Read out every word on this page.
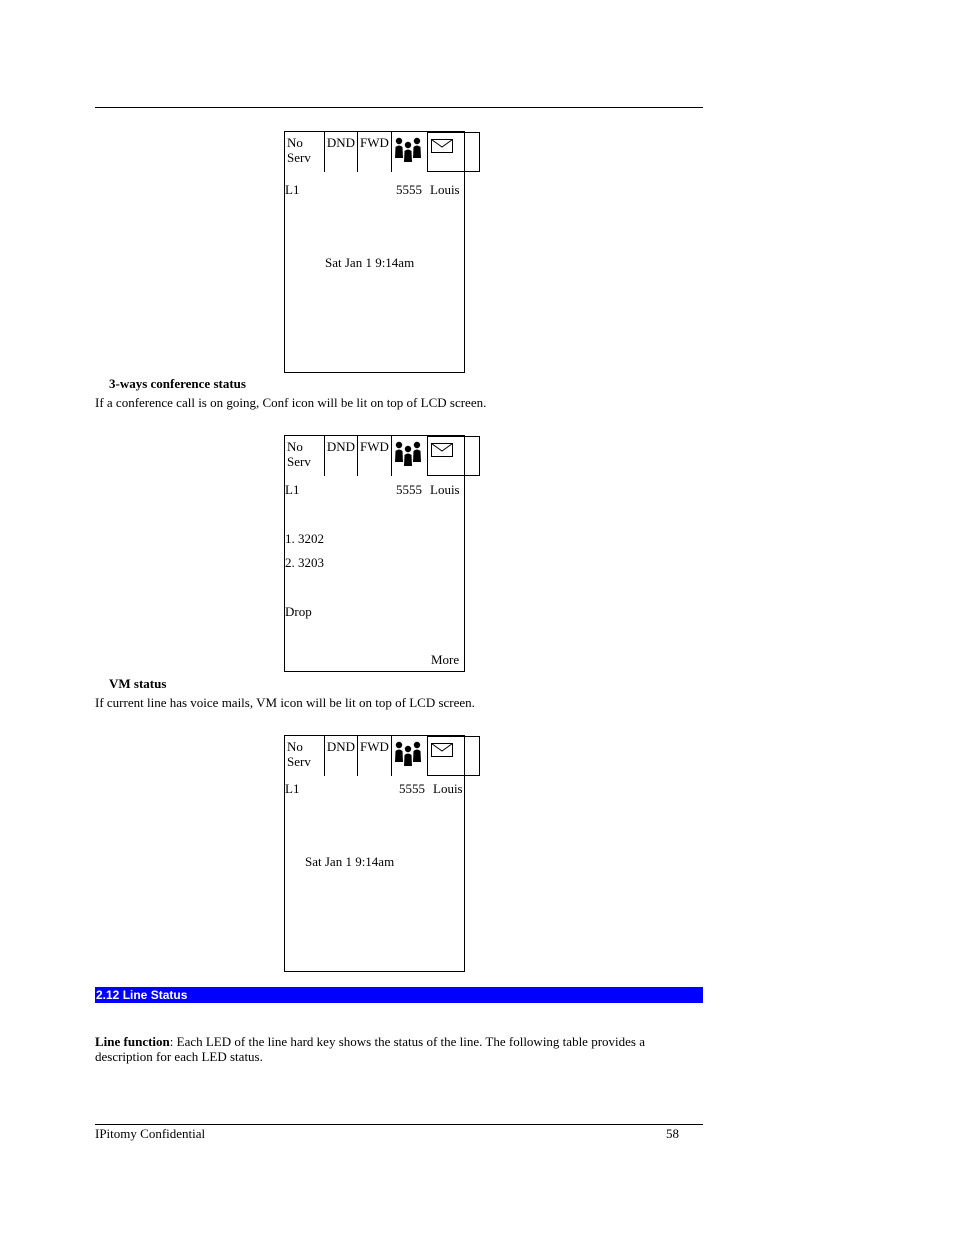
No Serv
DND FWD
L1	5555 Louis
Sat Jan 1 9:14am
3-ways conference status
If a conference call is on going, Conf icon will be lit on top of LCD screen.
No Serv
DND FWD
L1	5555 Louis
1. 3202
2. 3203
Drop
More
VM status
If current line has voice mails, VM icon will be lit on top of LCD screen.
No Serv
DND FWD
L1	5555 Louis
Sat Jan 1 9:14am
2.12 Line Status
Line function: Each LED of the line hard key shows the status of the line. The following table provides a
description for each LED status.
IPitomy Confidential	58
